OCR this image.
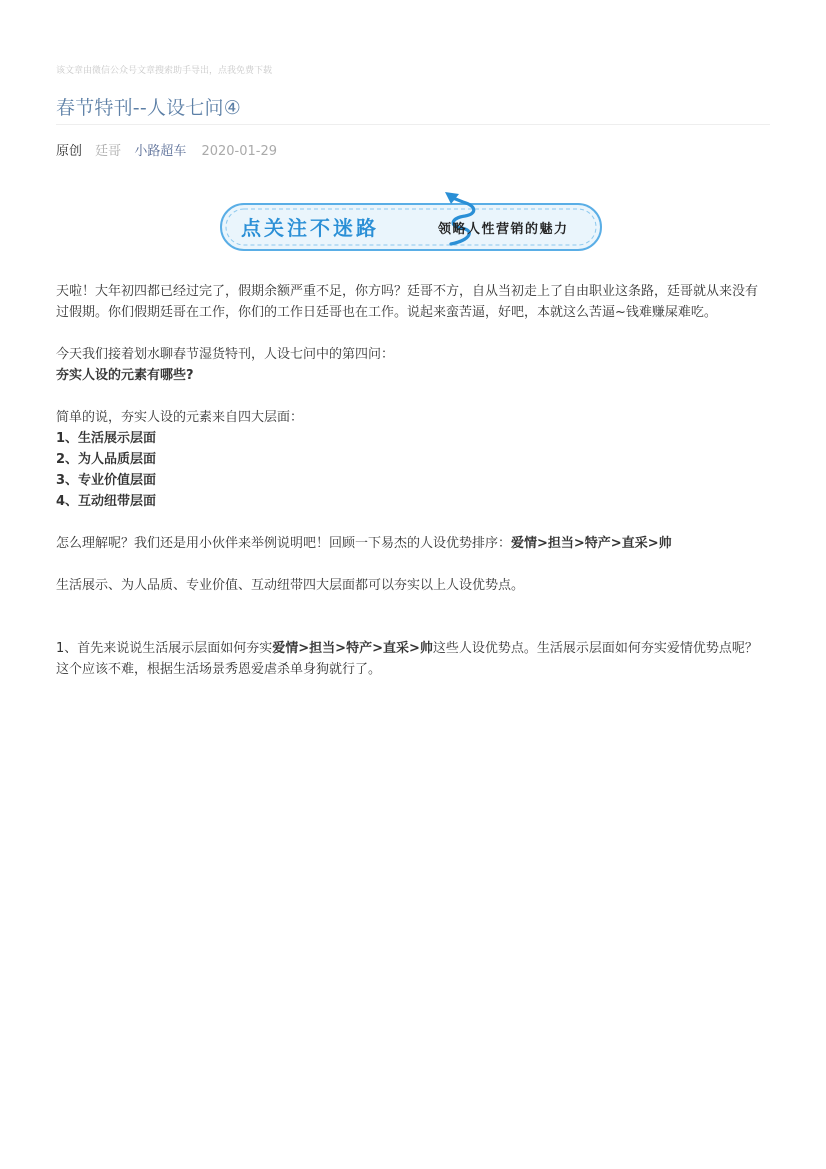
该文章由微信公众号文章搜索助手导出，点我免费下载
春节特刊--人设七问④
原创 廷哥 小路超车 2020-01-29
点关注不迷路	领略人性营销的魅力

天啦！大年初四都已经过完了，假期余额严重不足，你方吗？廷哥不方，自从当初走上了自由职业这条路，廷哥就从来没有过假期。你们假期廷哥在工作，你们的工作日廷哥也在工作。说起来蛮苦逼，好吧，本就这么苦逼~钱难赚屎难吃。

今天我们接着划水聊春节湿货特刊，人设七问中的第四问：

夯实人设的元素有哪些?

简单的说，夯实人设的元素来自四大层面：

1、生活展示层面

2、为人品质层面

3、专业价值层面

4、互动纽带层面

怎么理解呢？我们还是用小伙伴来举例说明吧！回顾一下易杰的人设优势排序：爱情>担当>特产>直采>帅

生活展示、为人品质、专业价值、互动纽带四大层面都可以夯实以上人设优势点。

1、首先来说说生活展示层面如何夯实爱情>担当>特产>直采>帅这些人设优势点。生活展示层面如何夯实爱情优势点呢？这个应该不难，根据生活场景秀恩爱虐杀单身狗就行了。
